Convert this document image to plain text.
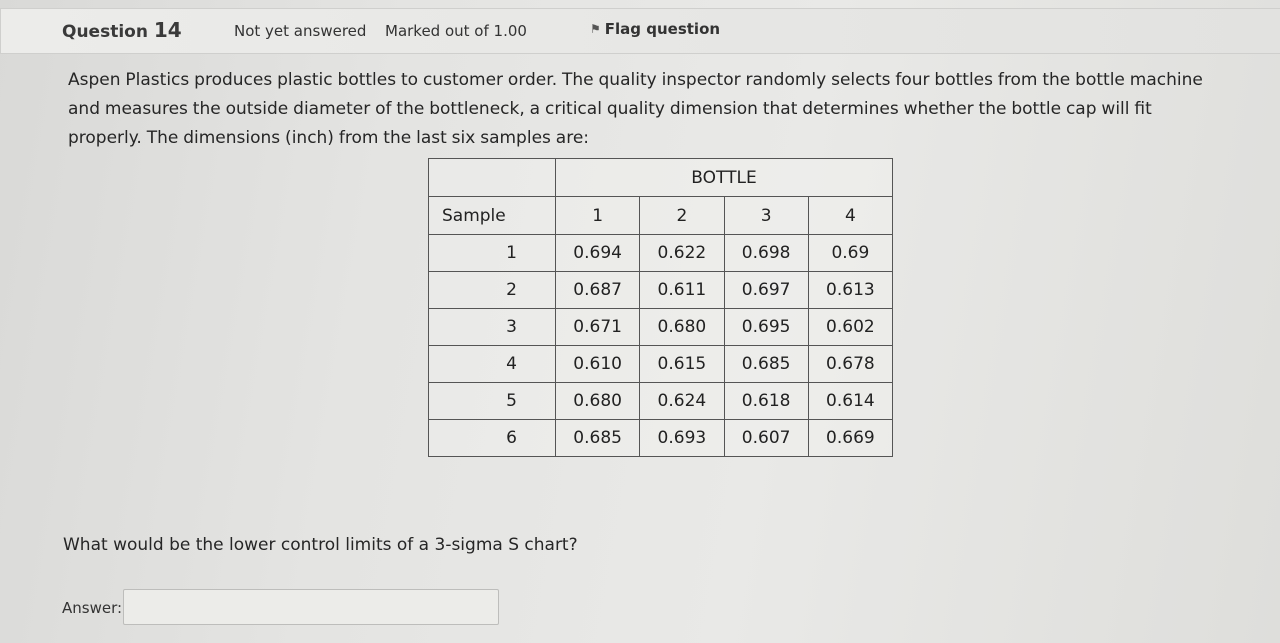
Question 14	Not yet answered Marked out of 1.00	⚑ Flag question
Aspen Plastics produces plastic bottles to customer order. The quality inspector randomly selects four bottles from the bottle machine and measures the outside diameter of the bottleneck, a critical quality dimension that determines whether the bottle cap will fit properly. The dimensions (inch) from the last six samples are:
	BOTTLE			
Sample	1	2	3	4
1	0.694	0.622	0.698	0.69
2	0.687	0.611	0.697	0.613
3	0.671	0.680	0.695	0.602
4	0.610	0.615	0.685	0.678
5	0.680	0.624	0.618	0.614
6	0.685	0.693	0.607	0.669
What would be the lower control limits of a 3-sigma S chart?
Answer:
